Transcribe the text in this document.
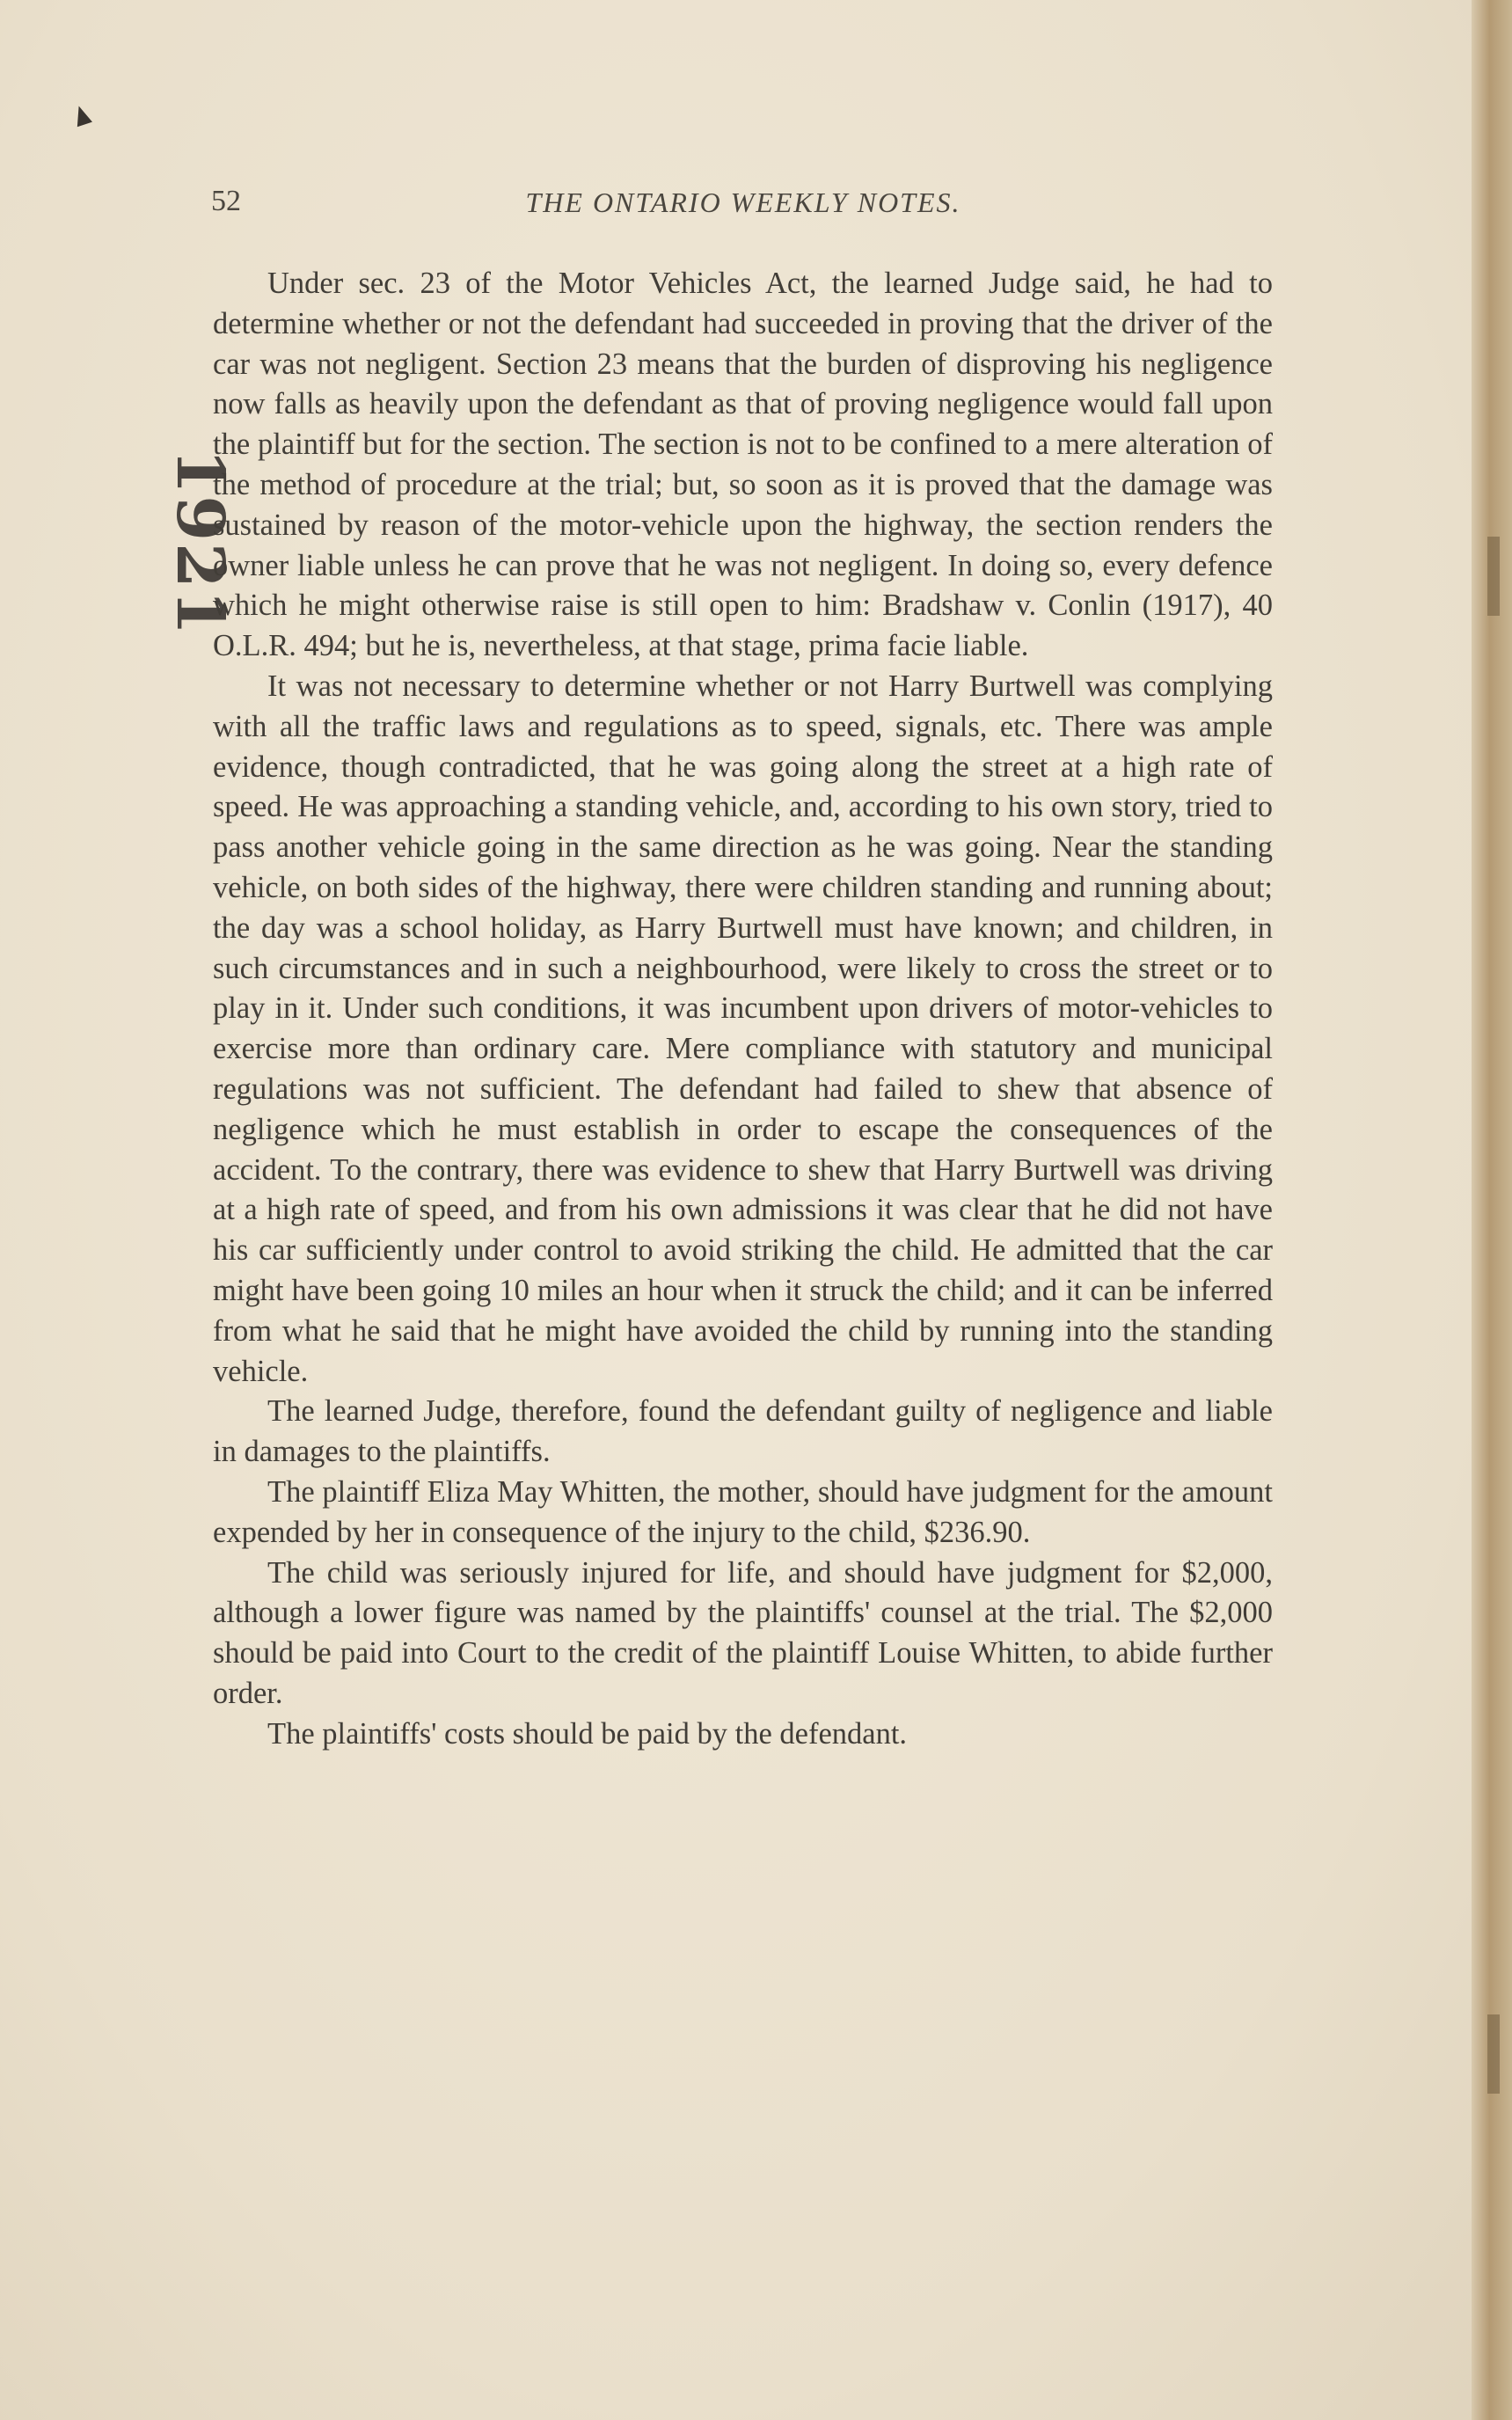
1921
52	THE ONTARIO WEEKLY NOTES.

Under sec. 23 of the Motor Vehicles Act, the learned Judge said, he had to determine whether or not the defendant had succeeded in proving that the driver of the car was not negligent. Section 23 means that the burden of disproving his negligence now falls as heavily upon the defendant as that of proving negligence would fall upon the plaintiff but for the section. The section is not to be confined to a mere alteration of the method of procedure at the trial; but, so soon as it is proved that the damage was sustained by reason of the motor-vehicle upon the highway, the section renders the owner liable unless he can prove that he was not negligent. In doing so, every defence which he might otherwise raise is still open to him: Bradshaw v. Conlin (1917), 40 O.L.R. 494; but he is, nevertheless, at that stage, prima facie liable.

It was not necessary to determine whether or not Harry Burtwell was complying with all the traffic laws and regulations as to speed, signals, etc. There was ample evidence, though contradicted, that he was going along the street at a high rate of speed. He was approaching a standing vehicle, and, according to his own story, tried to pass another vehicle going in the same direction as he was going. Near the standing vehicle, on both sides of the highway, there were children standing and running about; the day was a school holiday, as Harry Burtwell must have known; and children, in such circumstances and in such a neighbourhood, were likely to cross the street or to play in it. Under such conditions, it was incumbent upon drivers of motor-vehicles to exercise more than ordinary care. Mere compliance with statutory and municipal regulations was not sufficient. The defendant had failed to shew that absence of negligence which he must establish in order to escape the consequences of the accident. To the contrary, there was evidence to shew that Harry Burtwell was driving at a high rate of speed, and from his own admissions it was clear that he did not have his car sufficiently under control to avoid striking the child. He admitted that the car might have been going 10 miles an hour when it struck the child; and it can be inferred from what he said that he might have avoided the child by running into the standing vehicle.

The learned Judge, therefore, found the defendant guilty of negligence and liable in damages to the plaintiffs.

The plaintiff Eliza May Whitten, the mother, should have judgment for the amount expended by her in consequence of the injury to the child, $236.90.

The child was seriously injured for life, and should have judgment for $2,000, although a lower figure was named by the plaintiffs' counsel at the trial. The $2,000 should be paid into Court to the credit of the plaintiff Louise Whitten, to abide further order.

The plaintiffs' costs should be paid by the defendant.
